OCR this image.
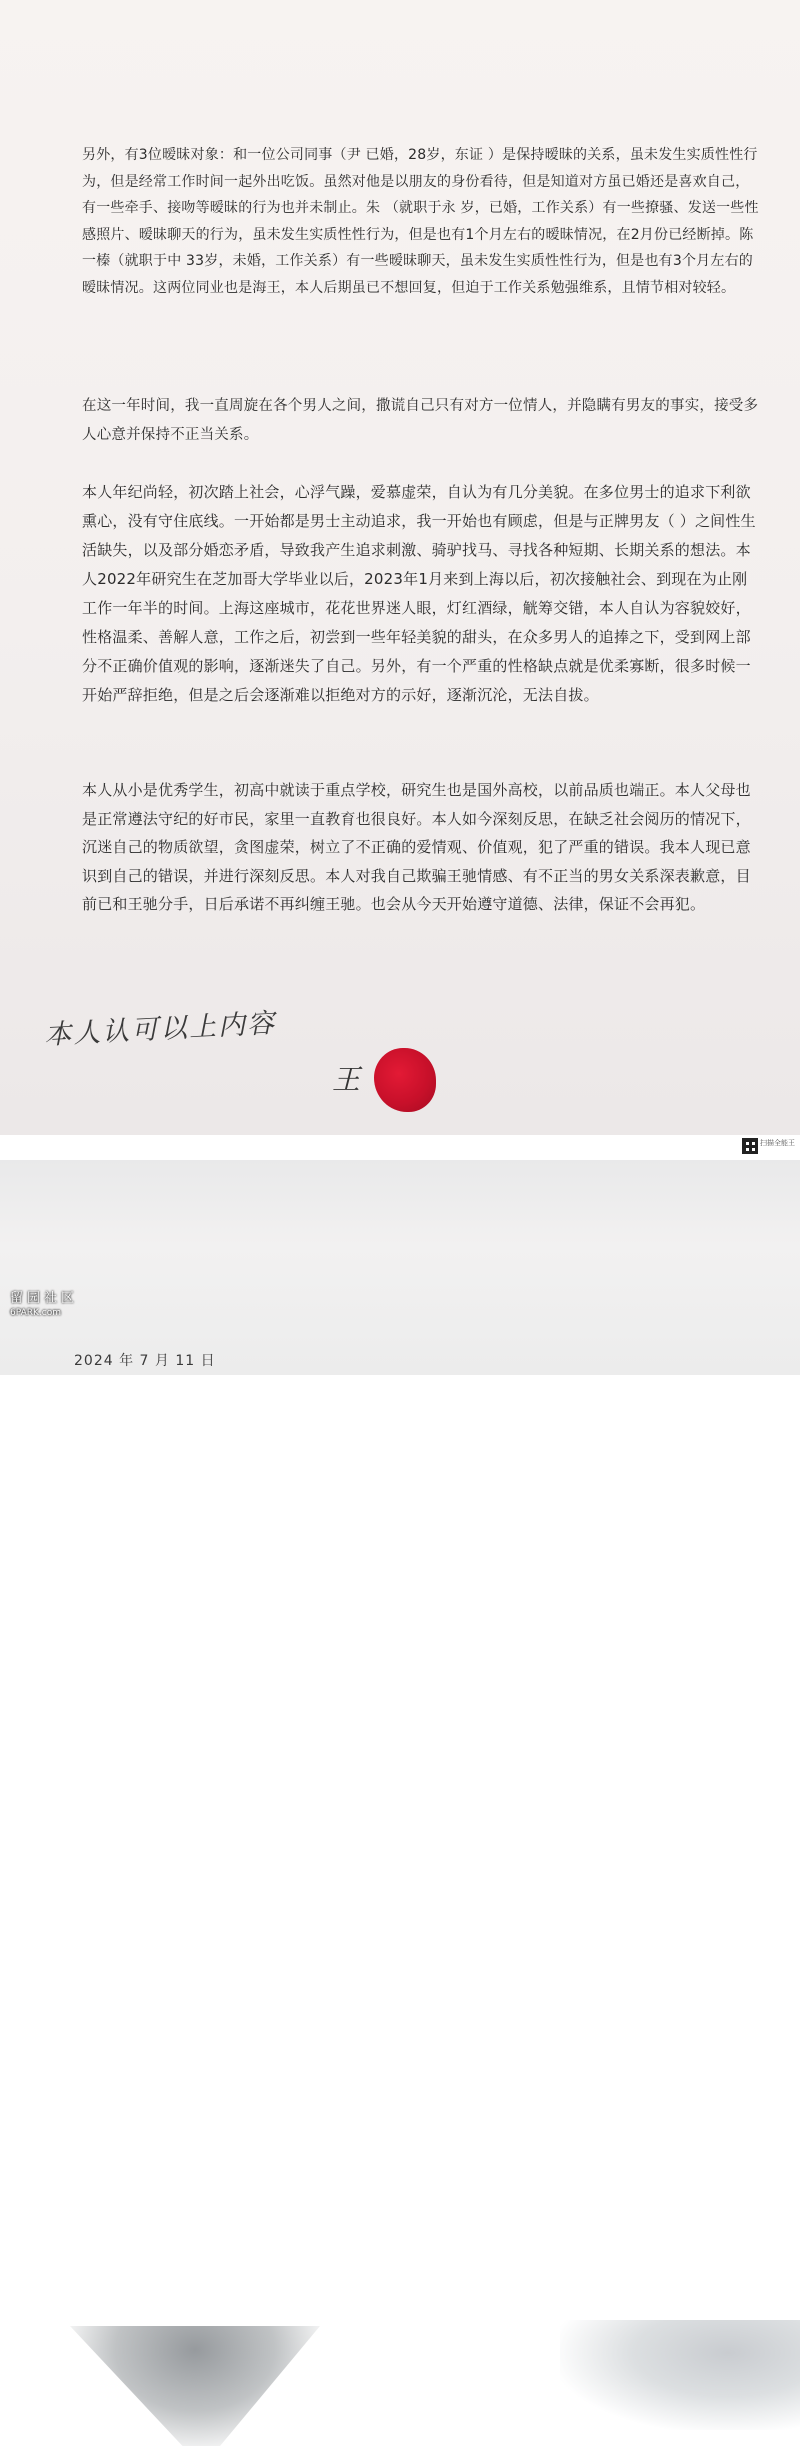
另外，有3位暧昧对象：和一位公司同事（尹 已婚，28岁，东证 ）是保持暧昧的关系，虽未发生实质性性行为，但是经常工作时间一起外出吃饭。虽然对他是以朋友的身份看待，但是知道对方虽已婚还是喜欢自己，有一些牵手、接吻等暧昧的行为也并未制止。朱 （就职于永 岁，已婚，工作关系）有一些撩骚、发送一些性感照片、暧昧聊天的行为，虽未发生实质性性行为，但是也有1个月左右的暧昧情况，在2月份已经断掉。陈一榛（就职于中 33岁，未婚，工作关系）有一些暧昧聊天，虽未发生实质性性行为，但是也有3个月左右的暧昧情况。这两位同业也是海王，本人后期虽已不想回复，但迫于工作关系勉强维系，且情节相对较轻。

在这一年时间，我一直周旋在各个男人之间，撒谎自己只有对方一位情人，并隐瞒有男友的事实，接受多人心意并保持不正当关系。

本人年纪尚轻，初次踏上社会，心浮气躁，爱慕虚荣，自认为有几分美貌。在多位男士的追求下利欲熏心，没有守住底线。一开始都是男士主动追求，我一开始也有顾虑，但是与正牌男友（ ）之间性生活缺失，以及部分婚恋矛盾，导致我产生追求刺激、骑驴找马、寻找各种短期、长期关系的想法。本人2022年研究生在芝加哥大学毕业以后，2023年1月来到上海以后，初次接触社会、到现在为止刚工作一年半的时间。上海这座城市，花花世界迷人眼，灯红酒绿，觥筹交错，本人自认为容貌姣好，性格温柔、善解人意，工作之后，初尝到一些年轻美貌的甜头，在众多男人的追捧之下，受到网上部分不正确价值观的影响，逐渐迷失了自己。另外，有一个严重的性格缺点就是优柔寡断，很多时候一开始严辞拒绝，但是之后会逐渐难以拒绝对方的示好，逐渐沉沦，无法自拔。

本人从小是优秀学生，初高中就读于重点学校，研究生也是国外高校，以前品质也端正。本人父母也是正常遵法守纪的好市民，家里一直教育也很良好。本人如今深刻反思，在缺乏社会阅历的情况下，沉迷自己的物质欲望，贪图虚荣，树立了不正确的爱情观、价值观，犯了严重的错误。我本人现已意识到自己的错误，并进行深刻反思。本人对我自己欺骗王驰情感、有不正当的男女关系深表歉意，目前已和王驰分手，日后承诺不再纠缠王驰。也会从今天开始遵守道德、法律，保证不会再犯。

本人认可以上内容
王
扫描全能王
留园社区
6PARK.com
2024 年 7 月 11 日
